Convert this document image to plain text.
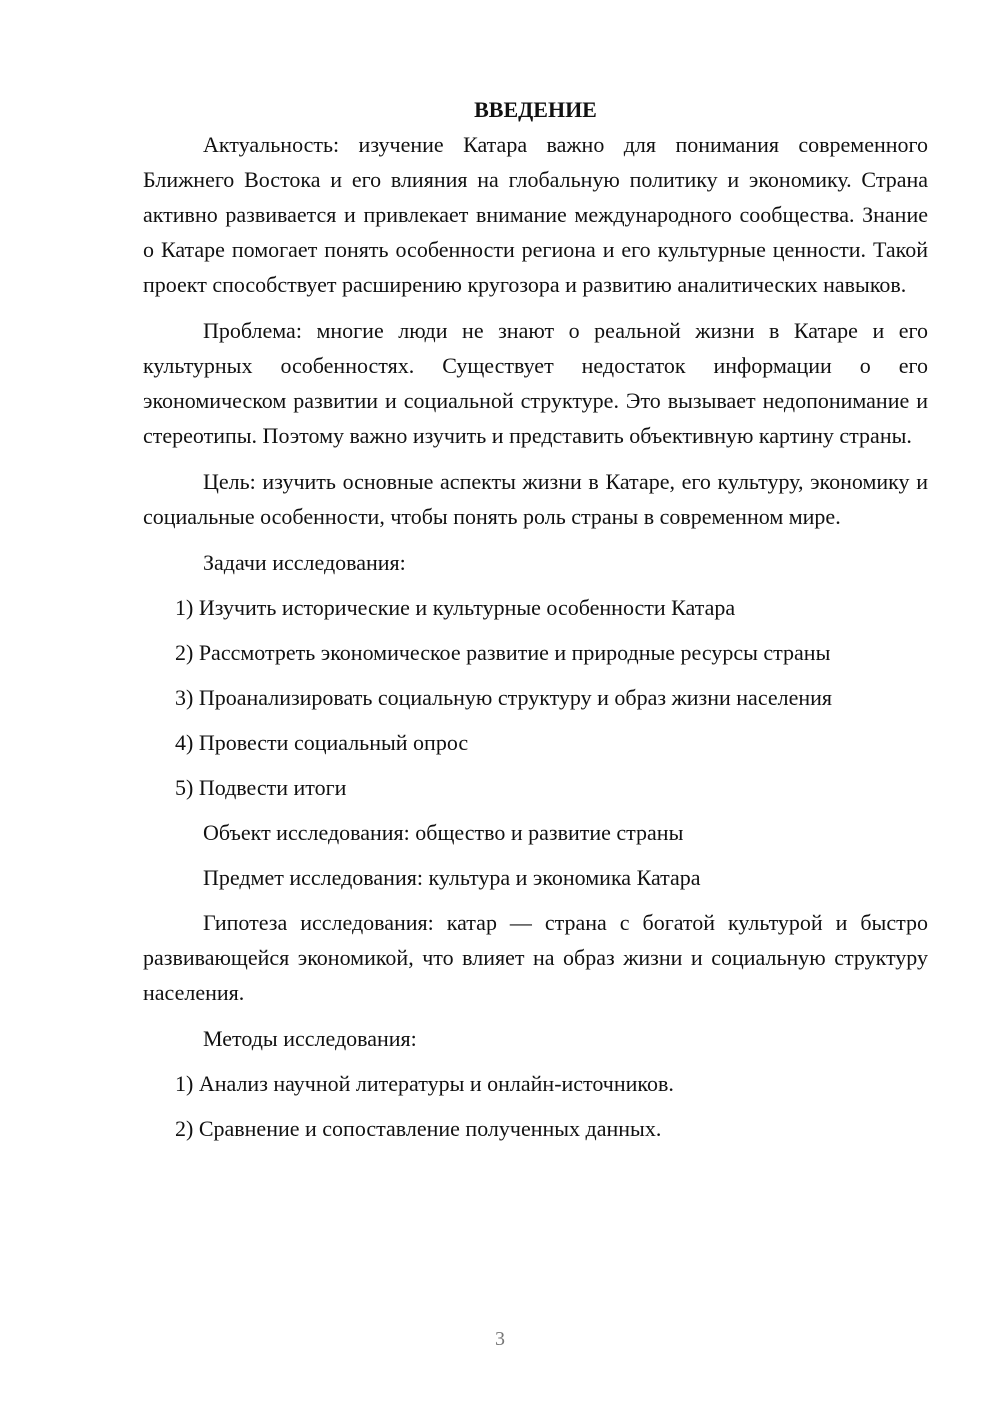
ВВЕДЕНИЕ

Актуальность: изучение Катара важно для понимания современного Ближнего Востока и его влияния на глобальную политику и экономику. Страна активно развивается и привлекает внимание международного сообщества. Знание о Катаре помогает понять особенности региона и его культурные ценности. Такой проект способствует расширению кругозора и развитию аналитических навыков.

Проблема: многие люди не знают о реальной жизни в Катаре и его культурных особенностях. Существует недостаток информации о его экономическом развитии и социальной структуре. Это вызывает недопонимание и стереотипы. Поэтому важно изучить и представить объективную картину страны.

Цель: изучить основные аспекты жизни в Катаре, его культуру, экономику и социальные особенности, чтобы понять роль страны в современном мире.

Задачи исследования:

1) Изучить исторические и культурные особенности Катара

2) Рассмотреть экономическое развитие и природные ресурсы страны

3) Проанализировать социальную структуру и образ жизни населения

4) Провести социальный опрос

5) Подвести итоги

Объект исследования: общество и развитие страны

Предмет исследования: культура и экономика Катара

Гипотеза исследования: катар — страна с богатой культурой и быстро развивающейся экономикой, что влияет на образ жизни и социальную структуру населения.

Методы исследования:

1) Анализ научной литературы и онлайн-источников.

2) Сравнение и сопоставление полученных данных.

3
